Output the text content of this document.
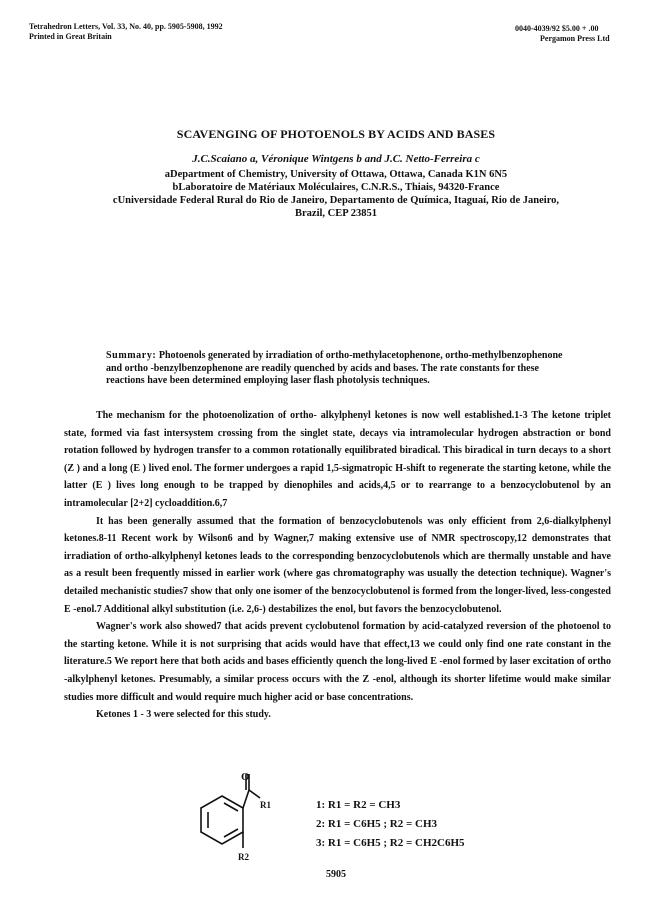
Tetrahedron Letters, Vol. 33, No. 40, pp. 5905-5908, 1992
Printed in Great Britain
0040-4039/92 $5.00 + .00
Pergamon Press Ltd
SCAVENGING OF PHOTOENOLS BY ACIDS AND BASES
J.C.Scaiano a, Véronique Wintgens b and J.C. Netto-Ferreira c
aDepartment of Chemistry, University of Ottawa, Ottawa, Canada K1N 6N5
bLaboratoire de Matériaux Moléculaires, C.N.R.S., Thiais, 94320-France
cUniversidade Federal Rural do Rio de Janeiro, Departamento de Química, Itaguaí, Rio de Janeiro,
Brazil, CEP 23851
Summary: Photoenols generated by irradiation of ortho-methylacetophenone, ortho-methylbenzophenone and ortho -benzylbenzophenone are readily quenched by acids and bases. The rate constants for these reactions have been determined employing laser flash photolysis techniques.

The mechanism for the photoenolization of ortho- alkylphenyl ketones is now well established.1-3 The ketone triplet state, formed via fast intersystem crossing from the singlet state, decays via intramolecular hydrogen abstraction or bond rotation followed by hydrogen transfer to a common rotationally equilibrated biradical. This biradical in turn decays to a short (Z ) and a long (E ) lived enol. The former undergoes a rapid 1,5-sigmatropic H-shift to regenerate the starting ketone, while the latter (E ) lives long enough to be trapped by dienophiles and acids,4,5 or to rearrange to a benzocyclobutenol by an intramolecular [2+2] cycloaddition.6,7

It has been generally assumed that the formation of benzocyclobutenols was only efficient from 2,6-dialkylphenyl ketones.8-11 Recent work by Wilson6 and by Wagner,7 making extensive use of NMR spectroscopy,12 demonstrates that irradiation of ortho-alkylphenyl ketones leads to the corresponding benzocyclobutenols which are thermally unstable and have as a result been frequently missed in earlier work (where gas chromatography was usually the detection technique). Wagner's detailed mechanistic studies7 show that only one isomer of the benzocyclobutenol is formed from the longer-lived, less-congested E -enol.7 Additional alkyl substitution (i.e. 2,6-) destabilizes the enol, but favors the benzocyclobutenol.

Wagner's work also showed7 that acids prevent cyclobutenol formation by acid-catalyzed reversion of the photoenol to the starting ketone. While it is not surprising that acids would have that effect,13 we could only find one rate constant in the literature.5 We report here that both acids and bases efficiently quench the long-lived E -enol formed by laser excitation of ortho -alkylphenyl ketones. Presumably, a similar process occurs with the Z -enol, although its shorter lifetime would make similar studies more difficult and would require much higher acid or base concentrations.

Ketones 1 - 3 were selected for this study.

O
R1
R2
1: R1 = R2 = CH3
2: R1 = C6H5 ; R2 = CH3
3: R1 = C6H5 ; R2 = CH2C6H5
5905
